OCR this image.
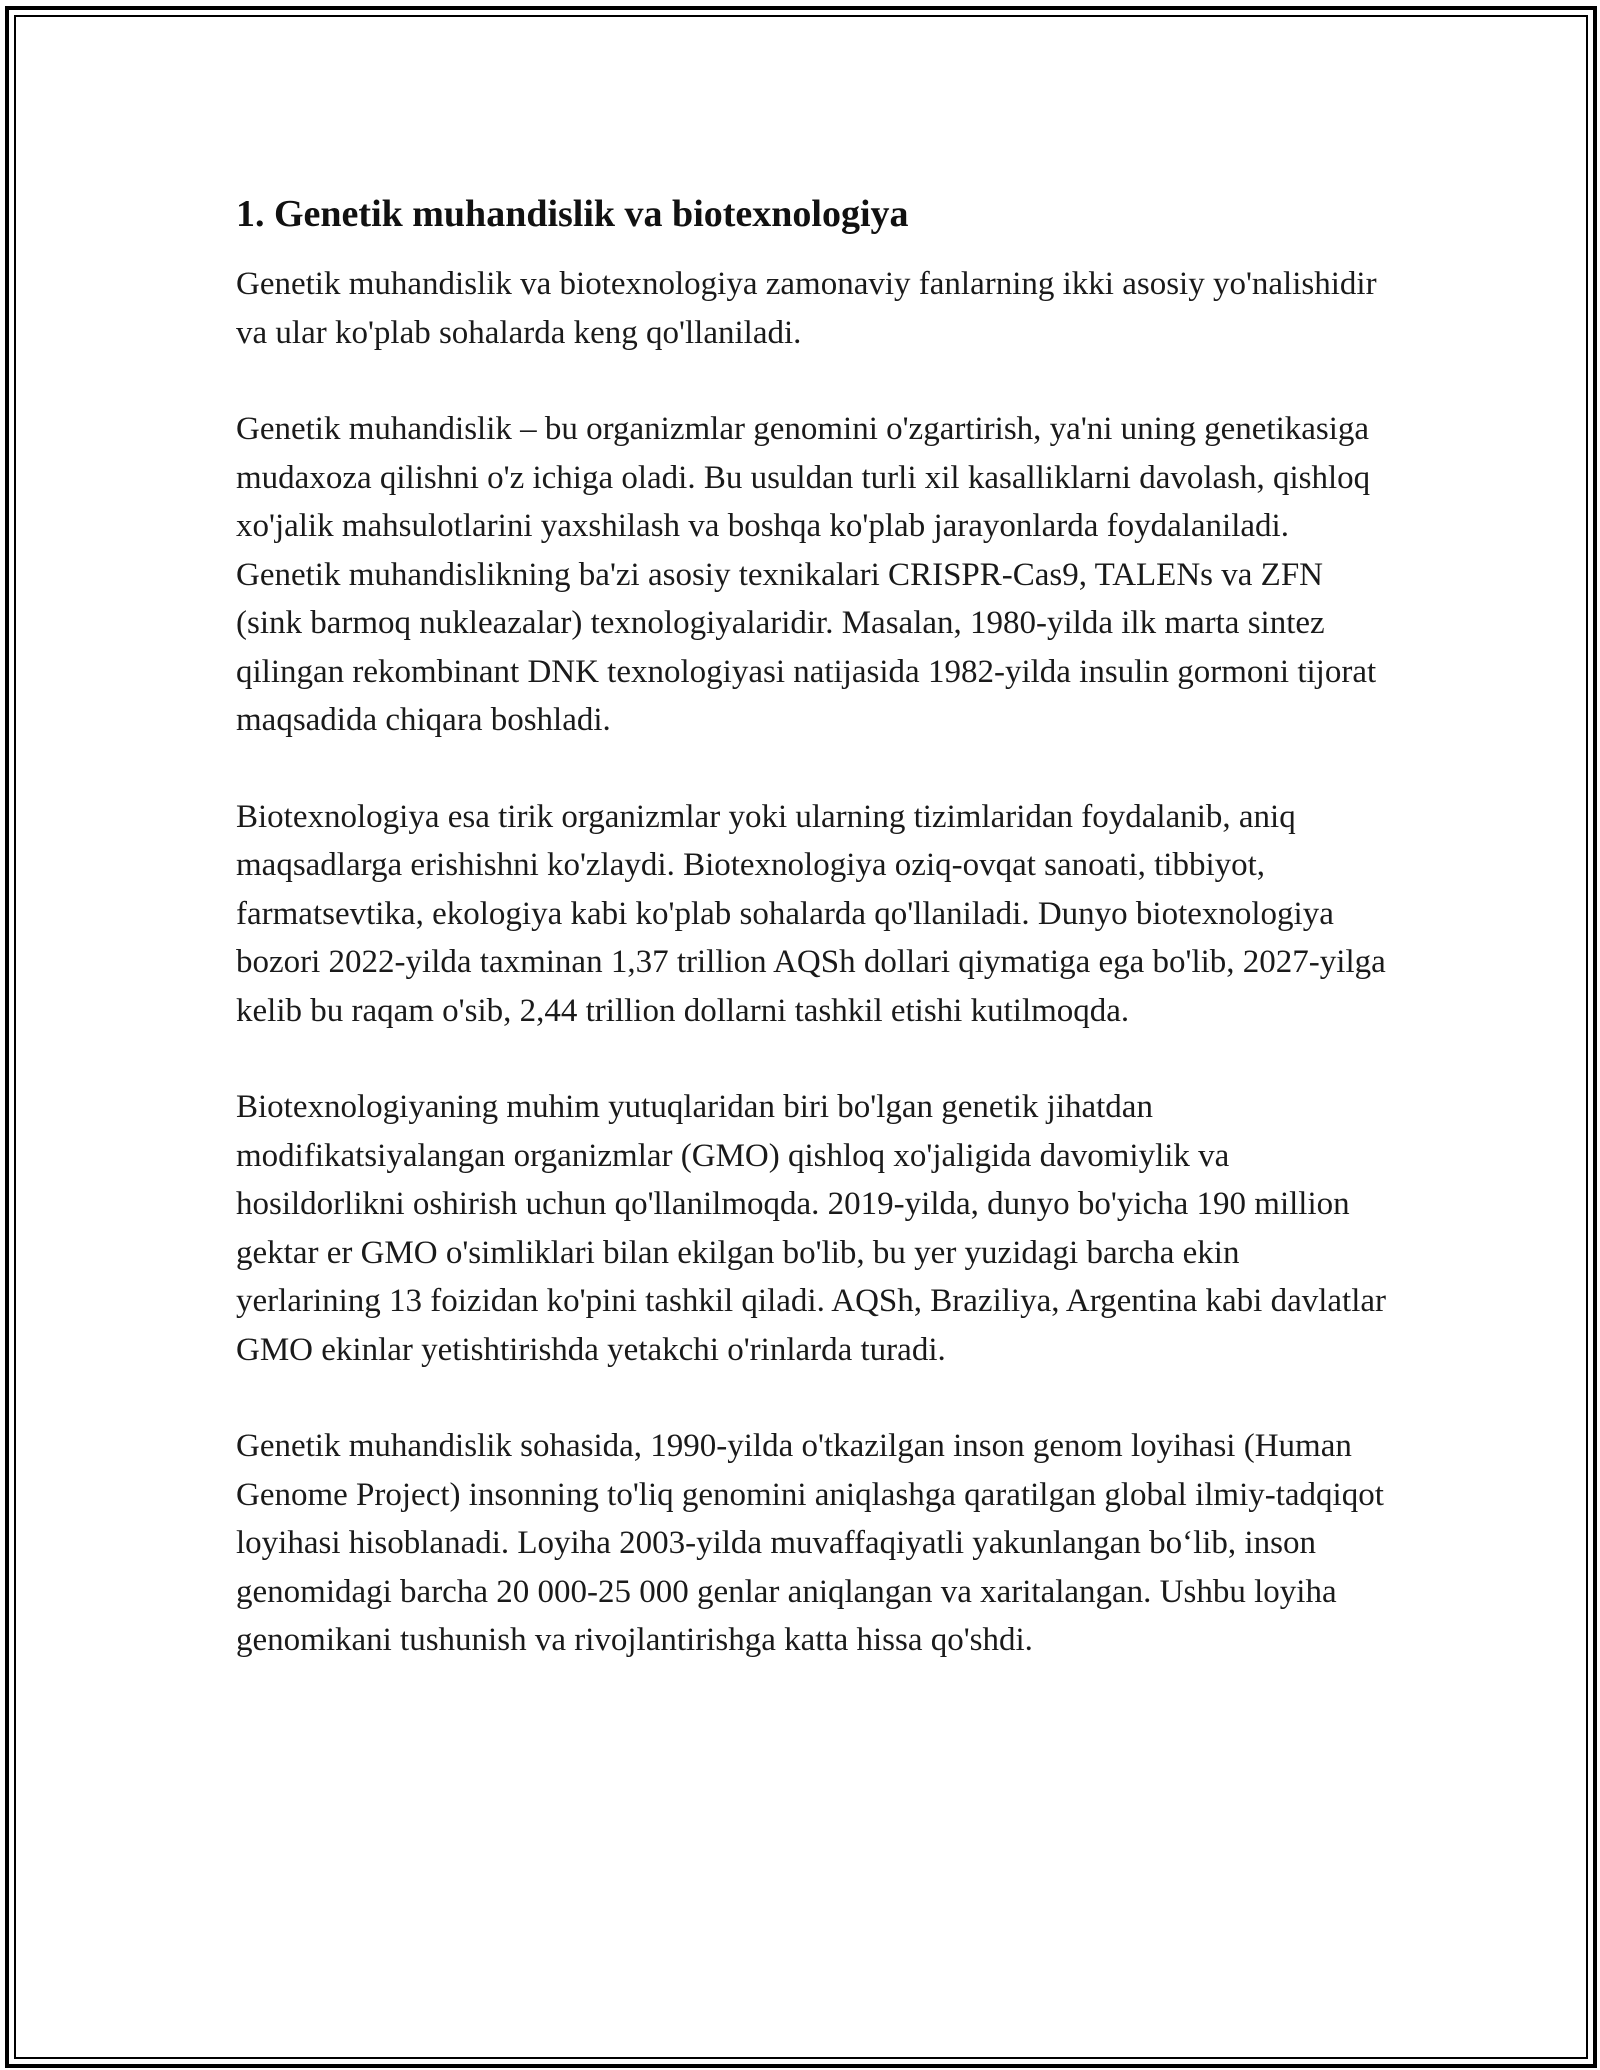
1. Genetik muhandislik va biotexnologiya

Genetik muhandislik va biotexnologiya zamonaviy fanlarning ikki asosiy yo'nalishidir va ular ko'plab sohalarda keng qo'llaniladi.

Genetik muhandislik – bu organizmlar genomini o'zgartirish, ya'ni uning genetikasiga mudaxoza qilishni o'z ichiga oladi. Bu usuldan turli xil kasalliklarni davolash, qishloq xo'jalik mahsulotlarini yaxshilash va boshqa ko'plab jarayonlarda foydalaniladi. Genetik muhandislikning ba'zi asosiy texnikalari CRISPR-Cas9, TALENs va ZFN (sink barmoq nukleazalar) texnologiyalaridir. Masalan, 1980-yilda ilk marta sintez qilingan rekombinant DNK texnologiyasi natijasida 1982-yilda insulin gormoni tijorat maqsadida chiqara boshladi.

Biotexnologiya esa tirik organizmlar yoki ularning tizimlaridan foydalanib, aniq maqsadlarga erishishni ko'zlaydi. Biotexnologiya oziq-ovqat sanoati, tibbiyot, farmatsevtika, ekologiya kabi ko'plab sohalarda qo'llaniladi. Dunyo biotexnologiya bozori 2022-yilda taxminan 1,37 trillion AQSh dollari qiymatiga ega bo'lib, 2027-yilga kelib bu raqam o'sib, 2,44 trillion dollarni tashkil etishi kutilmoqda.

Biotexnologiyaning muhim yutuqlaridan biri bo'lgan genetik jihatdan modifikatsiyalangan organizmlar (GMO) qishloq xo'jaligida davomiylik va hosildorlikni oshirish uchun qo'llanilmoqda. 2019-yilda, dunyo bo'yicha 190 million gektar er GMO o'simliklari bilan ekilgan bo'lib, bu yer yuzidagi barcha ekin yerlarining 13 foizidan ko'pini tashkil qiladi. AQSh, Braziliya, Argentina kabi davlatlar GMO ekinlar yetishtirishda yetakchi o'rinlarda turadi.

Genetik muhandislik sohasida, 1990-yilda o'tkazilgan inson genom loyihasi (Human Genome Project) insonning to'liq genomini aniqlashga qaratilgan global ilmiy-tadqiqot loyihasi hisoblanadi. Loyiha 2003-yilda muvaffaqiyatli yakunlangan bo‘lib, inson genomidagi barcha 20 000-25 000 genlar aniqlangan va xaritalangan. Ushbu loyiha genomikani tushunish va rivojlantirishga katta hissa qo'shdi.
